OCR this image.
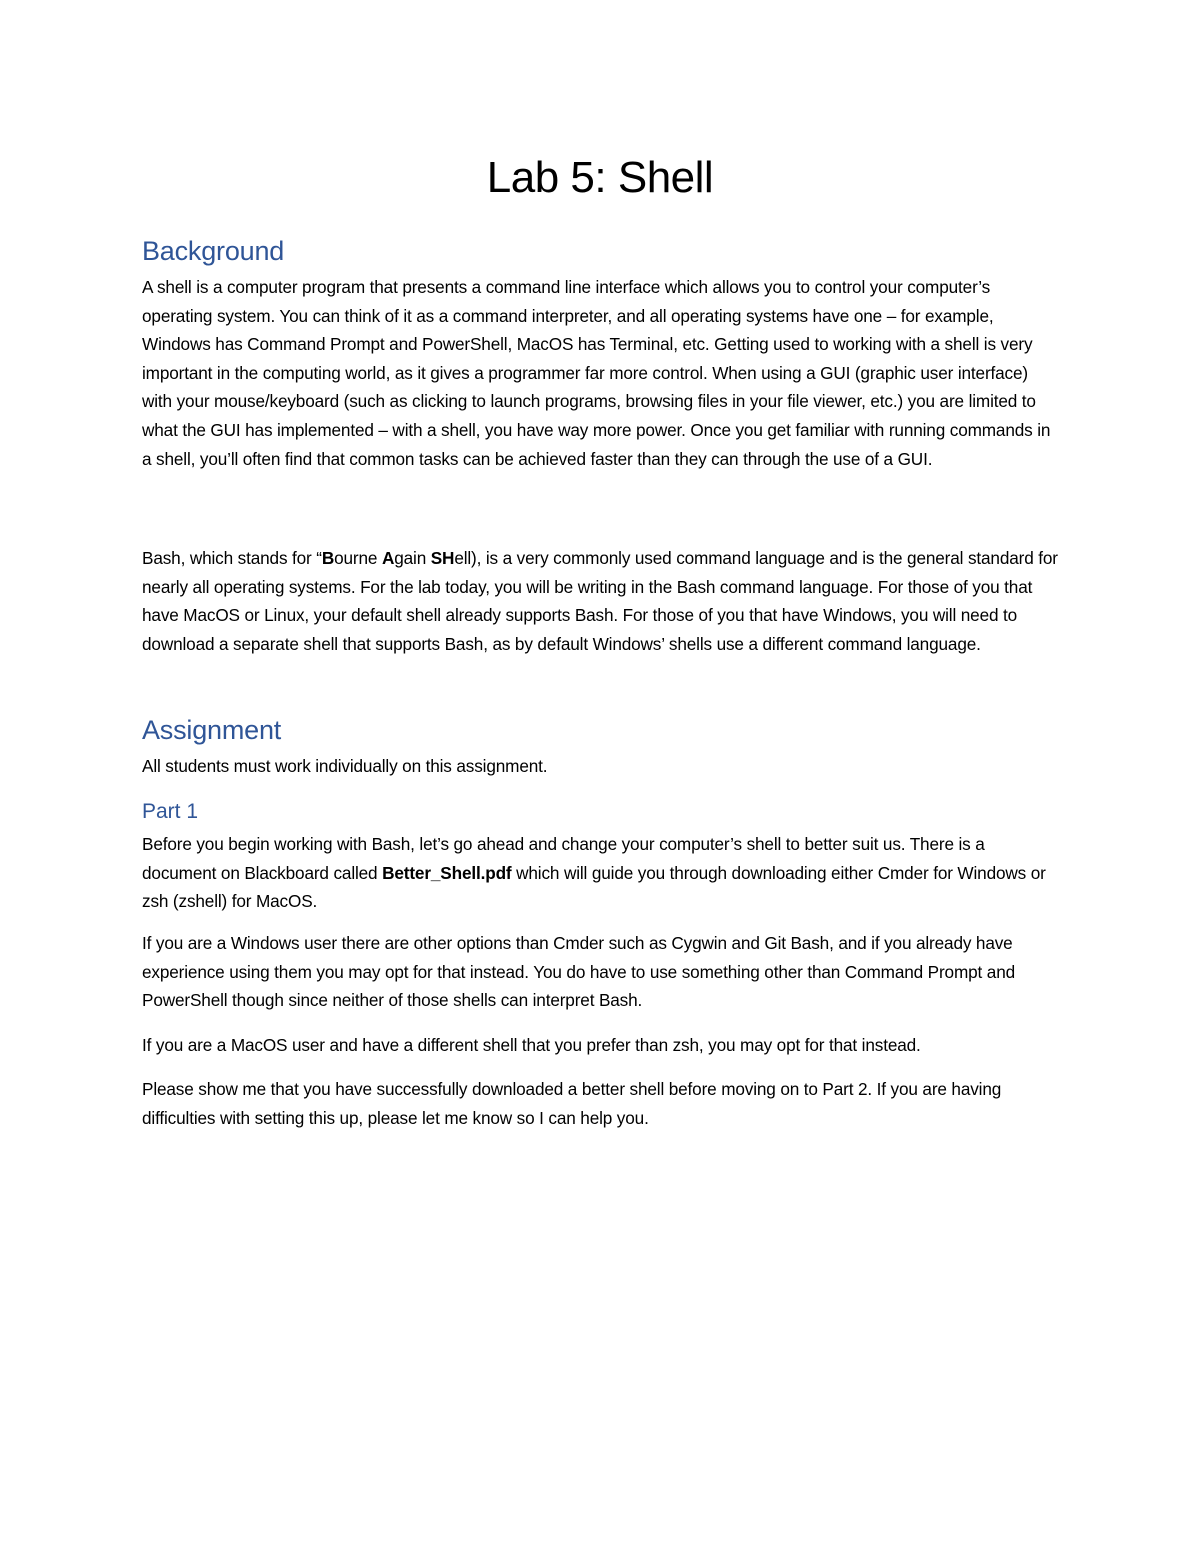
Lab 5: Shell
Background

A shell is a computer program that presents a command line interface which allows you to control your computer’s operating system. You can think of it as a command interpreter, and all operating systems have one – for example, Windows has Command Prompt and PowerShell, MacOS has Terminal, etc. Getting used to working with a shell is very important in the computing world, as it gives a programmer far more control. When using a GUI (graphic user interface) with your mouse/keyboard (such as clicking to launch programs, browsing files in your file viewer, etc.) you are limited to what the GUI has implemented – with a shell, you have way more power. Once you get familiar with running commands in a shell, you’ll often find that common tasks can be achieved faster than they can through the use of a GUI.

Bash, which stands for “Bourne Again SHell), is a very commonly used command language and is the general standard for nearly all operating systems. For the lab today, you will be writing in the Bash command language. For those of you that have MacOS or Linux, your default shell already supports Bash. For those of you that have Windows, you will need to download a separate shell that supports Bash, as by default Windows’ shells use a different command language.

Assignment

All students must work individually on this assignment.

Part 1

Before you begin working with Bash, let’s go ahead and change your computer’s shell to better suit us. There is a document on Blackboard called Better_Shell.pdf which will guide you through downloading either Cmder for Windows or zsh (zshell) for MacOS.

If you are a Windows user there are other options than Cmder such as Cygwin and Git Bash, and if you already have experience using them you may opt for that instead. You do have to use something other than Command Prompt and PowerShell though since neither of those shells can interpret Bash.

If you are a MacOS user and have a different shell that you prefer than zsh, you may opt for that instead.

Please show me that you have successfully downloaded a better shell before moving on to Part 2. If you are having difficulties with setting this up, please let me know so I can help you.
